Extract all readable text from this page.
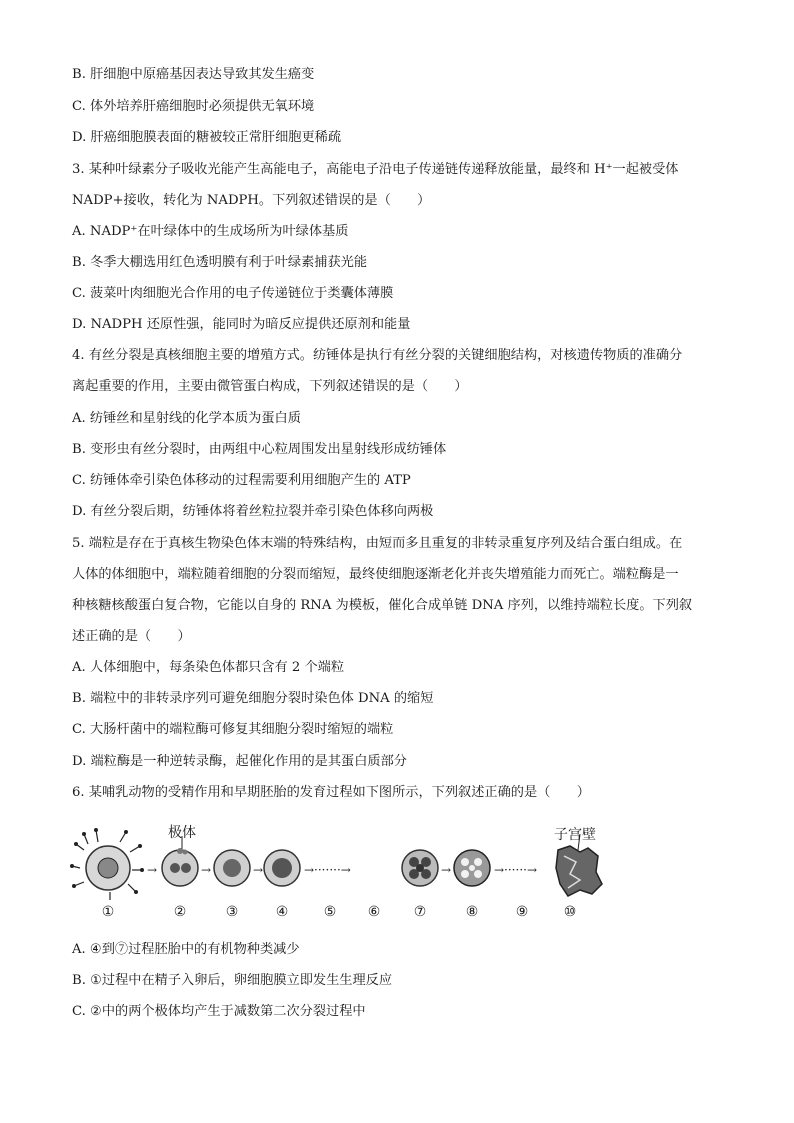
B. 肝细胞中原癌基因表达导致其发生癌变
C. 体外培养肝癌细胞时必须提供无氧环境
D. 肝癌细胞膜表面的糖被较正常肝细胞更稀疏
3. 某种叶绿素分子吸收光能产生高能电子，高能电子沿电子传递链传递释放能量，最终和 H⁺一起被受体
NADP+接收，转化为 NADPH。下列叙述错误的是（　　）
A. NADP⁺在叶绿体中的生成场所为叶绿体基质
B. 冬季大棚选用红色透明膜有利于叶绿素捕获光能
C. 菠菜叶肉细胞光合作用的电子传递链位于类囊体薄膜
D. NADPH 还原性强，能同时为暗反应提供还原剂和能量
4. 有丝分裂是真核细胞主要的增殖方式。纺锤体是执行有丝分裂的关键细胞结构，对核遗传物质的准确分
离起重要的作用，主要由微管蛋白构成，下列叙述错误的是（　　）
A. 纺锤丝和星射线的化学本质为蛋白质
B. 变形虫有丝分裂时，由两组中心粒周围发出星射线形成纺锤体
C. 纺锤体牵引染色体移动的过程需要利用细胞产生的 ATP
D. 有丝分裂后期，纺锤体将着丝粒拉裂并牵引染色体移向两极
5. 端粒是存在于真核生物染色体末端的特殊结构，由短而多且重复的非转录重复序列及结合蛋白组成。在
人体的体细胞中，端粒随着细胞的分裂而缩短，最终使细胞逐渐老化并丧失增殖能力而死亡。端粒酶是一
种核糖核酸蛋白复合物，它能以自身的 RNA 为模板，催化合成单链 DNA 序列，以维持端粒长度。下列叙
述正确的是（　　）
A. 人体细胞中，每条染色体都只含有 2 个端粒
B. 端粒中的非转录序列可避免细胞分裂时染色体 DNA 的缩短
C. 大肠杆菌中的端粒酶可修复其细胞分裂时缩短的端粒
D. 端粒酶是一种逆转录酶，起催化作用的是其蛋白质部分
6. 某哺乳动物的受精作用和早期胚胎的发育过程如下图所示，下列叙述正确的是（　　）
A. ④到⑦过程胚胎中的有机物种类减少
B. ①过程中在精子入卵后，卵细胞膜立即发生生理反应
C. ②中的两个极体均产生于减数第二次分裂过程中
→	→	→	→·······→	→	→······→
极体	子宫壁
①	②	③	④	⑤	⑥	⑦	⑧	⑨	⑩
